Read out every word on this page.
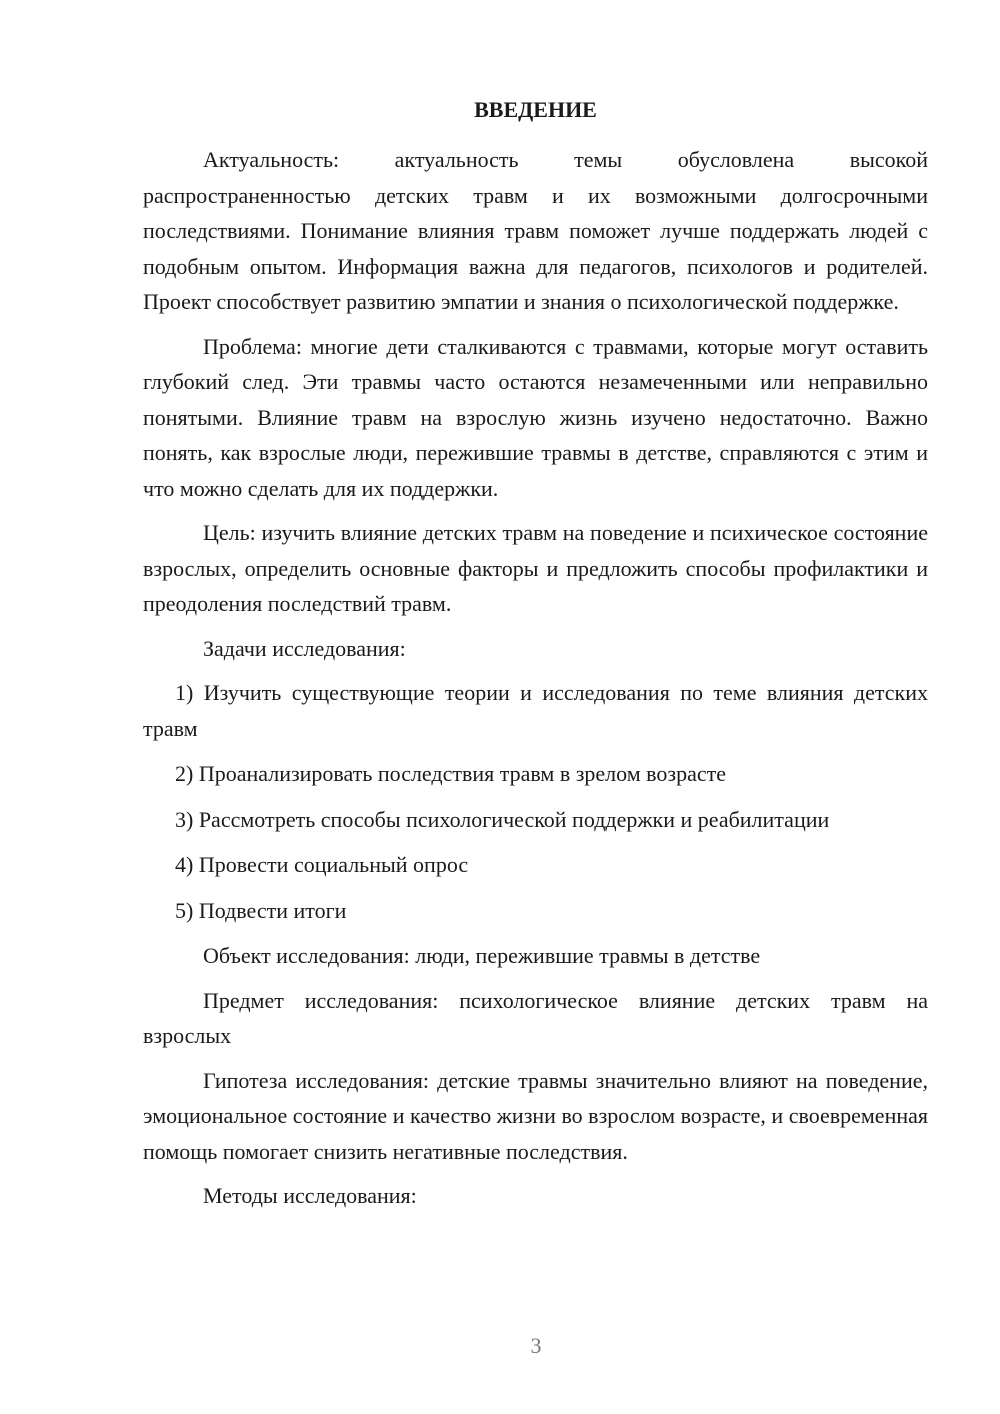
ВВЕДЕНИЕ

Актуальность: актуальность темы обусловлена высокой распространенностью детских травм и их возможными долгосрочными последствиями. Понимание влияния травм поможет лучше поддержать людей с подобным опытом. Информация важна для педагогов, психологов и родителей. Проект способствует развитию эмпатии и знания о психологической поддержке.

Проблема: многие дети сталкиваются с травмами, которые могут оставить глубокий след. Эти травмы часто остаются незамеченными или неправильно понятыми. Влияние травм на взрослую жизнь изучено недостаточно. Важно понять, как взрослые люди, пережившие травмы в детстве, справляются с этим и что можно сделать для их поддержки.

Цель: изучить влияние детских травм на поведение и психическое состояние взрослых, определить основные факторы и предложить способы профилактики и преодоления последствий травм.

Задачи исследования:

1) Изучить существующие теории и исследования по теме влияния детских травм
2) Проанализировать последствия травм в зрелом возрасте
3) Рассмотреть способы психологической поддержки и реабилитации
4) Провести социальный опрос
5) Подвести итоги

Объект исследования: люди, пережившие травмы в детстве

Предмет исследования: психологическое влияние детских травм на взрослых

Гипотеза исследования: детские травмы значительно влияют на поведение, эмоциональное состояние и качество жизни во взрослом возрасте, и своевременная помощь помогает снизить негативные последствия.

Методы исследования:

3
